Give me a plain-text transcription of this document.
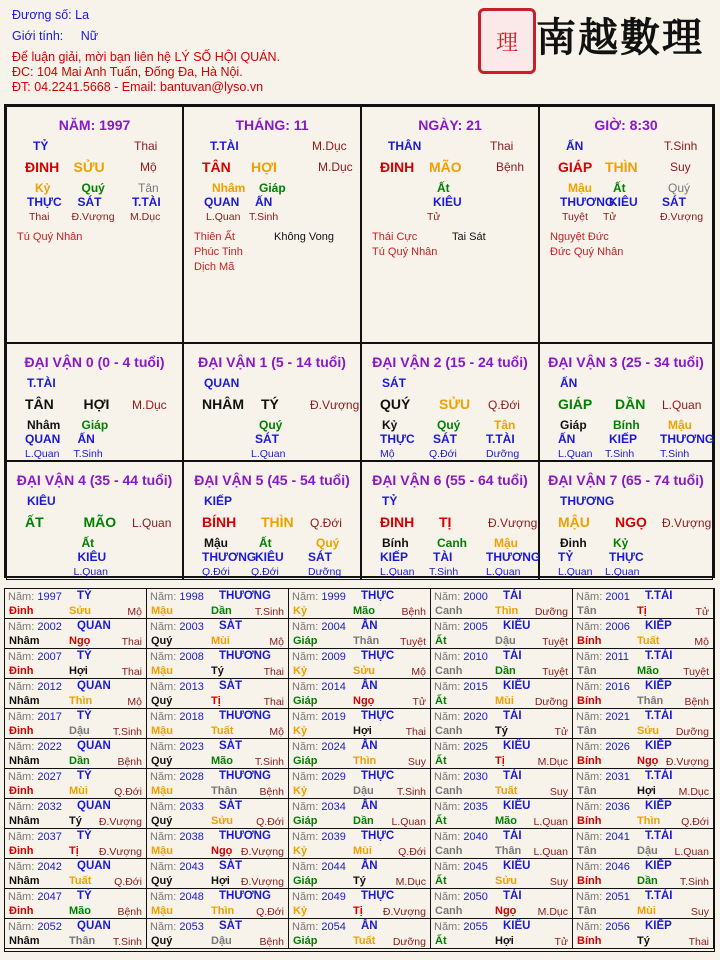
Đương số: La
Giới tính: Nữ
Để luận giải, mời bạn liên hệ LÝ SỐ HỘI QUÁN.
ĐC: 104 Mai Anh Tuấn, Đống Đa, Hà Nội.
ĐT: 04.2241.5668 - Email: bantuvan@lyso.vn
理 南越數理
NĂM: 1997
TỶ	Thai
ĐINH SỬU	Mộ
Kỷ	Quý	Tân
THỰC SÁT	T.TÀI
Thai Đ.Vượng M.Dục
Tú Quý Nhân
THÁNG: 11
T.TÀI	M.Dục
TÂN HỢI	M.Dục
Nhâm Giáp
QUAN ẤN
L.Quan T.Sinh
Thiên Ất
Phúc Tinh
Dịch Mã
Không Vong
NGÀY: 21
THÂN	Thai
ĐINH MÃO	Bệnh
Ất
KIÊU
Tử
Thái Cực
Tú Quý Nhân
Tai Sát
GIỜ: 8:30
ẤN	T.Sinh
GIÁP THÌN	Suy
Mậu Ất	Quý
THƯƠNG
KIÊU SÁT
Tuyệt Tử	Đ.Vượng
Nguyệt Đức
Đức Quý Nhân
ĐẠI VẬN 0 (0 - 4 tuổi)
T.TÀI
TÂN HỢI M.Dục
Nhâm Giáp
QUAN ẤN
L.Quan T.Sinh
ĐẠI VẬN 1 (5 - 14 tuổi)
QUAN
NHÂM TÝ	Đ.Vượng
Quý
SÁT
L.Quan
ĐẠI VẬN 2 (15 - 24 tuổi)
SÁT
QUÝ SỬU Q.Đới
Kỷ	Quý	Tân
THỰC SÁT T.TÀI
Mộ	Q.Đới	Dưỡng
ĐẠI VẬN 3 (25 - 34 tuổi)
ẤN
GIÁP DẦN L.Quan
Giáp Bính Mậu
ẤN	KIẾP THƯƠNG
L.Quan T.Sinh T.Sinh
ĐẠI VẬN 4 (35 - 44 tuổi)
KIÊU
ẤT	MÃO L.Quan
Ất
KIÊU
L.Quan
ĐẠI VẬN 5 (45 - 54 tuổi)
KIẾP
BÍNH THÌN Q.Đới
Mậu	Ất	Quý
THƯƠNG
KIÊU SÁT
Q.Đới Q.Đới	Dưỡng
ĐẠI VẬN 6 (55 - 64 tuổi)
TỶ
ĐINH TỊ	Đ.Vượng
Bính Canh Mậu
KIẾP TÀI	THƯƠNG
L.Quan T.Sinh	L.Quan
ĐẠI VẬN 7 (65 - 74 tuổi)
THƯƠNG
MẬU NGỌ Đ.Vượng
Đinh Kỷ
TỶ	THỰC
L.Quan L.Quan
Năm: 1997 TỶ
Đinh	Sửu	Mộ
Năm: 1998 THƯƠNG
Mậu	Dần T.Sinh
Năm: 1999 THỰC
Kỷ	Mão	Bệnh
Năm: 2000 TÀI
Canh	Thìn Dưỡng
Năm: 2001 T.TÀI
Tân	Tị	Tử
Năm: 2002 QUAN
Nhâm	Ngọ	Thai
Năm: 2003 SÁT
Quý	Mùi	Mộ
Năm: 2004 ẤN
Giáp	Thân Tuyệt
Năm: 2005 KIÊU
Ất	Dậu	Tuyệt
Năm: 2006 KIẾP
Bính	Tuất	Mộ
Năm: 2007 TỶ
Đinh	Hợi	Thai
Năm: 2008 THƯƠNG
Mậu	Tý	Thai
Năm: 2009 THỰC
Kỷ	Sửu	Mộ
Năm: 2010 TÀI
Canh	Dần	Tuyệt
Năm: 2011 T.TÀI
Tân	Mão Tuyệt
Năm: 2012 QUAN
Nhâm	Thìn	Mộ
Năm: 2013 SÁT
Quý	Tị	Thai
Năm: 2014 ẤN
Giáp	Ngọ	Tử
Năm: 2015 KIÊU
Ất	Mùi Dưỡng
Năm: 2016 KIẾP
Bính	Thân Bệnh
Năm: 2017 TỶ
Đinh	Dậu T.Sinh
Năm: 2018 THƯƠNG
Mậu	Tuất	Mộ
Năm: 2019 THỰC
Kỷ	Hợi	Thai
Năm: 2020 TÀI
Canh	Tý	Tử
Năm: 2021 T.TÀI
Tân	Sửu Dưỡng
Năm: 2022 QUAN
Nhâm	Dần	Bệnh
Năm: 2023 SÁT
Quý	Mão T.Sinh
Năm: 2024 ẤN
Giáp	Thìn	Suy
Năm: 2025 KIÊU
Ất	Tị	M.Dục
Năm: 2026 KIẾP
Bính	Ngọ Đ.Vượng
Năm: 2027 TỶ
Đinh	Mùi Q.Đới
Năm: 2028 THƯƠNG
Mậu	Thân Bệnh
Năm: 2029 THỰC
Kỷ	Dậu T.Sinh
Năm: 2030 TÀI
Canh	Tuất	Suy
Năm: 2031 T.TÀI
Tân	Hợi M.Dục
Năm: 2032 QUAN
Nhâm	Tý Đ.Vượng
Năm: 2033 SÁT
Quý	Sửu Q.Đới
Năm: 2034 ẤN
Giáp	Dần L.Quan
Năm: 2035 KIÊU
Ất	Mão L.Quan
Năm: 2036 KIẾP
Bính	Thìn Q.Đới
Năm: 2037 TỶ
Đinh	Tị Đ.Vượng
Năm: 2038 THƯƠNG
Mậu	Ngọ Đ.Vượng
Năm: 2039 THỰC
Kỷ	Mùi Q.Đới
Năm: 2040 TÀI
Canh	Thân L.Quan
Năm: 2041 T.TÀI
Tân	Dậu L.Quan
Năm: 2042 QUAN
Nhâm	Tuất Q.Đới
Năm: 2043 SÁT
Quý	Hợi Đ.Vượng
Năm: 2044 ẤN
Giáp	Tý	M.Dục
Năm: 2045 KIÊU
Ất	Sửu	Suy
Năm: 2046 KIẾP
Bính	Dần T.Sinh
Năm: 2047 TỶ
Đinh	Mão	Bệnh
Năm: 2048 THƯƠNG
Mậu	Thìn Q.Đới
Năm: 2049 THỰC
Kỷ	Tị Đ.Vượng
Năm: 2050 TÀI
Canh	Ngọ M.Dục
Năm: 2051 T.TÀI
Tân	Mùi	Suy
Năm: 2052 QUAN
Nhâm	Thân T.Sinh
Năm: 2053 SÁT
Quý	Dậu	Bệnh
Năm: 2054 ẤN
Giáp	Tuất Dưỡng
Năm: 2055 KIÊU
Ất	Hợi	Tử
Năm: 2056 KIẾP
Bính	Tý	Thai
